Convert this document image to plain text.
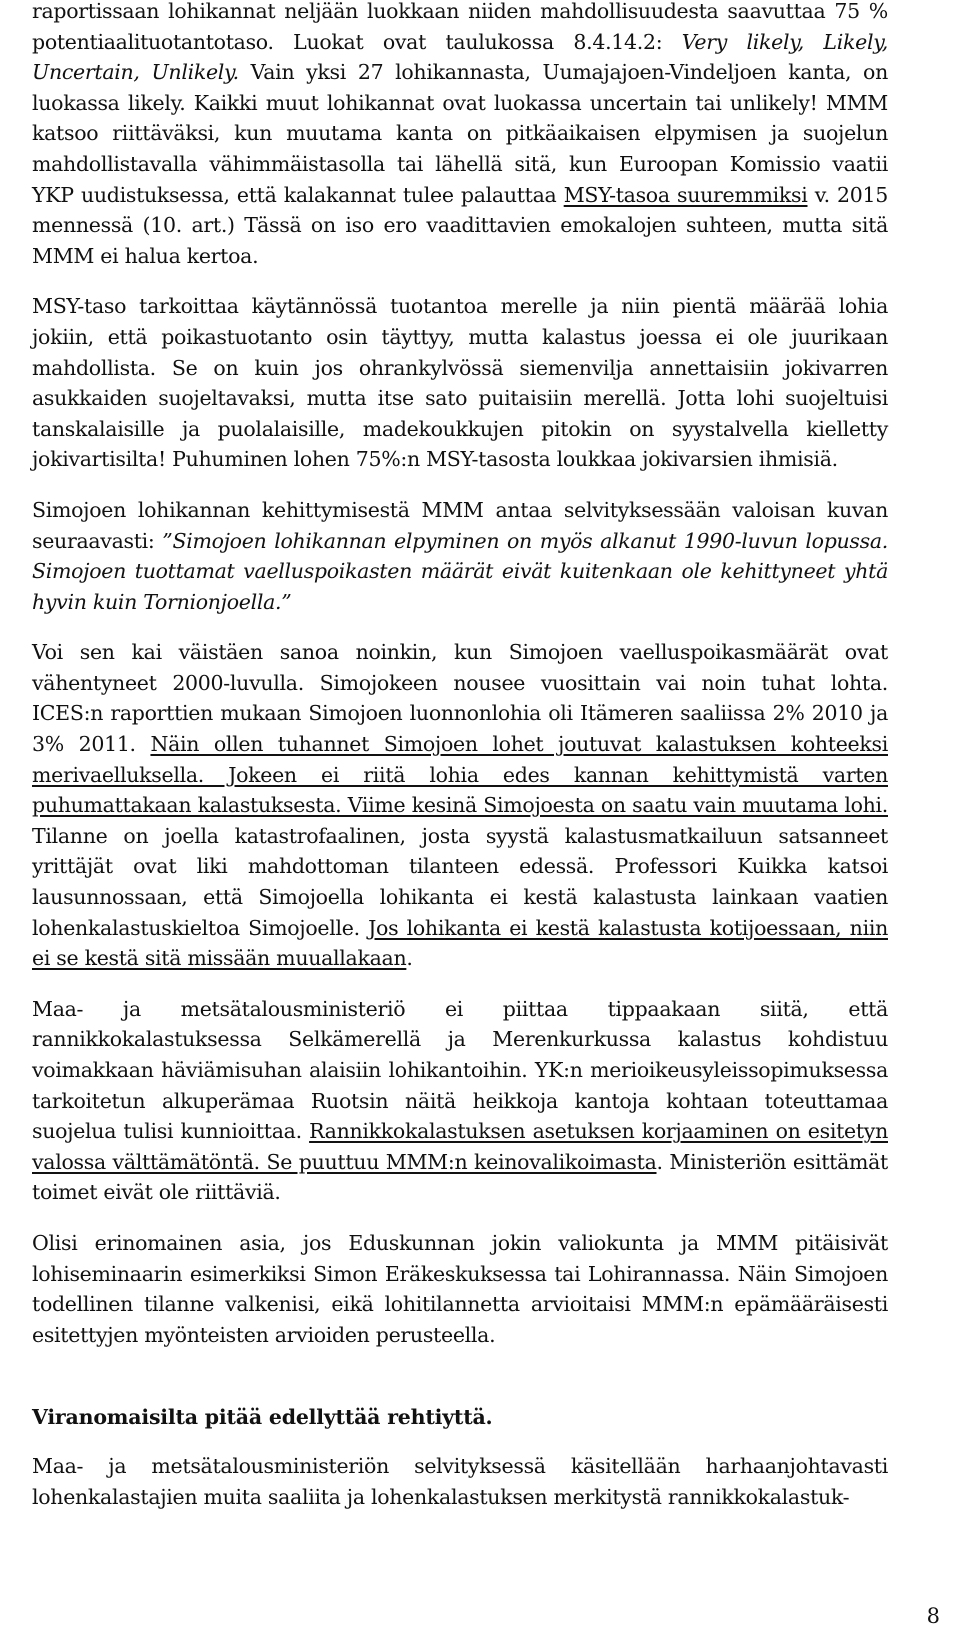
raportissaan lohikannat neljään luokkaan niiden mahdollisuudesta saavuttaa 75 % potentiaalituotantotaso. Luokat ovat taulukossa 8.4.14.2: Very likely, Likely, Uncertain, Unlikely. Vain yksi 27 lohikannasta, Uumajajoen-Vindeljoen kanta, on luokassa likely. Kaikki muut lohikannat ovat luokassa uncertain tai unlikely! MMM katsoo riittäväksi, kun muutama kanta on pitkäaikaisen elpymisen ja suojelun mahdollistavalla vähimmäistasolla tai lähellä sitä, kun Euroopan Komissio vaatii YKP uudistuksessa, että kalakannat tulee palauttaa MSY-tasoa suuremmiksi v. 2015 mennessä (10. art.) Tässä on iso ero vaadittavien emokalojen suhteen, mutta sitä MMM ei halua kertoa.

MSY-taso tarkoittaa käytännössä tuotantoa merelle ja niin pientä määrää lohia jokiin, että poikastuotanto osin täyttyy, mutta kalastus joessa ei ole juurikaan mahdollista. Se on kuin jos ohrankylvössä siemenvilja annettaisiin jokivarren asukkaiden suojeltavaksi, mutta itse sato puitaisiin merellä. Jotta lohi suojeltuisi tanskalaisille ja puolalaisille, madekoukkujen pitokin on syystalvella kielletty jokivartisilta! Puhuminen lohen 75%:n MSY-tasosta loukkaa jokivarsien ihmisiä.

Simojoen lohikannan kehittymisestä MMM antaa selvityksessään valoisan kuvan seuraavasti: ”Simojoen lohikannan elpyminen on myös alkanut 1990-luvun lopussa. Simojoen tuottamat vaelluspoikasten määrät eivät kuitenkaan ole kehittyneet yhtä hyvin kuin Tornionjoella.”

Voi sen kai väistäen sanoa noinkin, kun Simojoen vaelluspoikasmäärät ovat vähentyneet 2000-luvulla. Simojokeen nousee vuosittain vai noin tuhat lohta. ICES:n raporttien mukaan Simojoen luonnonlohia oli Itämeren saaliissa 2% 2010 ja 3% 2011. Näin ollen tuhannet Simojoen lohet joutuvat kalastuksen kohteeksi merivaelluksella. Jokeen ei riitä lohia edes kannan kehittymistä varten puhumattakaan kalastuksesta. Viime kesinä Simojoesta on saatu vain muutama lohi. Tilanne on joella katastrofaalinen, josta syystä kalastusmatkailuun satsanneet yrittäjät ovat liki mahdottoman tilanteen edessä. Professori Kuikka katsoi lausunnossaan, että Simojoella lohikanta ei kestä kalastusta lainkaan vaatien lohenkalastuskieltoa Simojoelle. Jos lohikanta ei kestä kalastusta kotijoessaan, niin ei se kestä sitä missään muuallakaan.

Maa- ja metsätalousministeriö ei piittaa tippaakaan siitä, että rannikkokalastuksessa Selkämerellä ja Merenkurkussa kalastus kohdistuu voimakkaan häviämisuhan alaisiin lohikantoihin. YK:n merioikeusyleissopimuksessa tarkoitetun alkuperämaa Ruotsin näitä heikkoja kantoja kohtaan toteuttamaa suojelua tulisi kunnioittaa. Rannikkokalastuksen asetuksen korjaaminen on esitetyn valossa välttämätöntä. Se puuttuu MMM:n keinovalikoimasta. Ministeriön esittämät toimet eivät ole riittäviä.

Olisi erinomainen asia, jos Eduskunnan jokin valiokunta ja MMM pitäisivät lohiseminaarin esimerkiksi Simon Eräkeskuksessa tai Lohirannassa. Näin Simojoen todellinen tilanne valkenisi, eikä lohitilannetta arvioitaisi MMM:n epämääräisesti esitettyjen myönteisten arvioiden perusteella.

Viranomaisilta pitää edellyttää rehtiyttä.

Maa- ja metsätalousministeriön selvityksessä käsitellään harhaanjohtavasti lohenkalastajien muita saaliita ja lohenkalastuksen merkitystä rannikkokalastuk-

8
